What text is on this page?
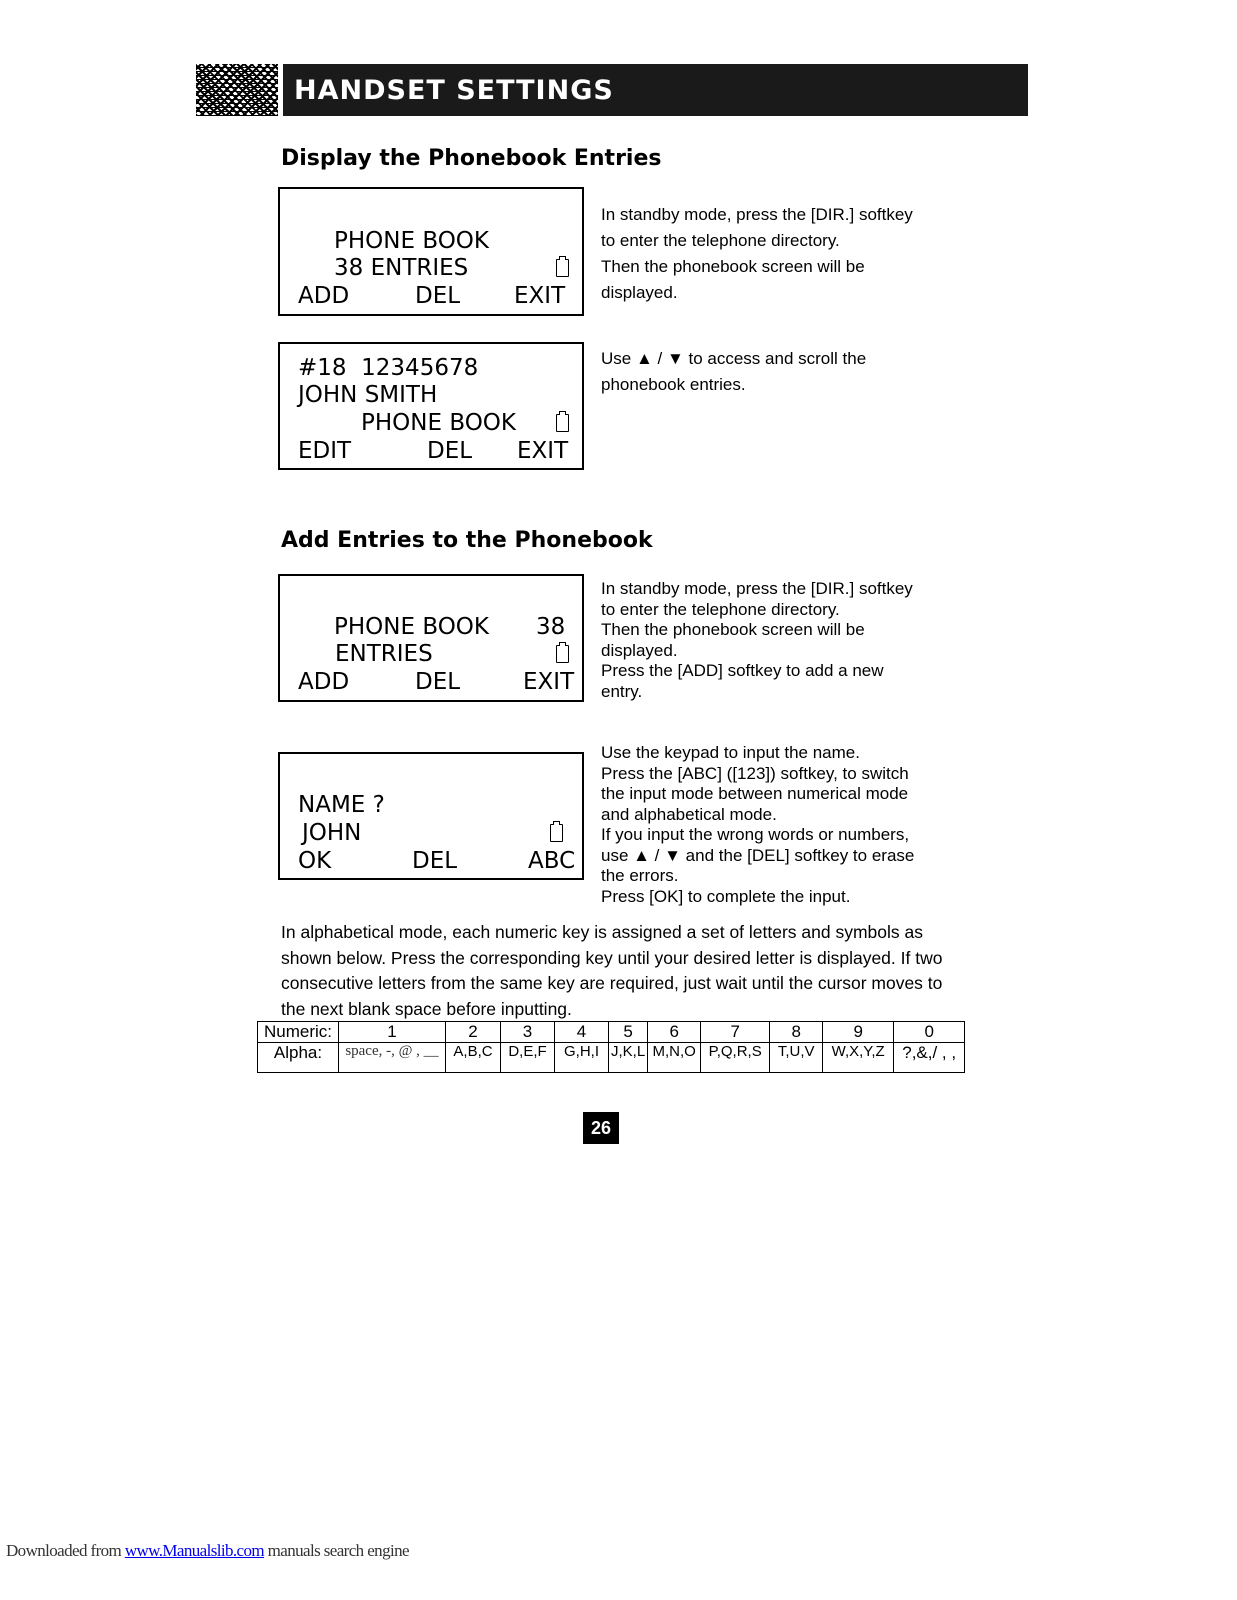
HANDSET SETTINGS
Display the Phonebook Entries
PHONE BOOK
38 ENTRIES
ADD	DEL EXIT
In standby mode, press the [DIR.] softkey
to enter the telephone directory.
Then the phonebook screen will be
displayed.
#18  12345678
JOHN SMITH
PHONE BOOK
EDIT	DEL EXIT
Use ▲ / ▼ to access and scroll the
phonebook entries.
Add Entries to the Phonebook
PHONE BOOK 38
ENTRIES
ADD	DEL	EXIT
In standby mode, press the [DIR.] softkey
to enter the telephone directory.
Then the phonebook screen will be
displayed.
Press the [ADD] softkey to add a new
entry.
NAME ?
JOHN
OK	DEL	ABC
Use the keypad to input the name.
Press the [ABC] ([123]) softkey, to switch
the input mode between numerical mode
and alphabetical mode.
If you input the wrong words or numbers,
use ▲ / ▼ and the [DEL] softkey to erase
the errors.
Press [OK] to complete the input.
In alphabetical mode, each numeric key is assigned a set of letters and symbols as shown below. Press the corresponding key until your desired letter is displayed. If two consecutive letters from the same key are required, just wait until the cursor moves to the next blank space before inputting.
Numeric:	1	2	3	4	5	6	7	8	9	0
Alpha:	space, -, @ , __	A,B,C	D,E,F	G,H,I	J,K,L	M,N,O	P,Q,R,S	T,U,V	W,X,Y,Z	?,&,/ , ,
26
Downloaded from www.Manualslib.com manuals search engine
